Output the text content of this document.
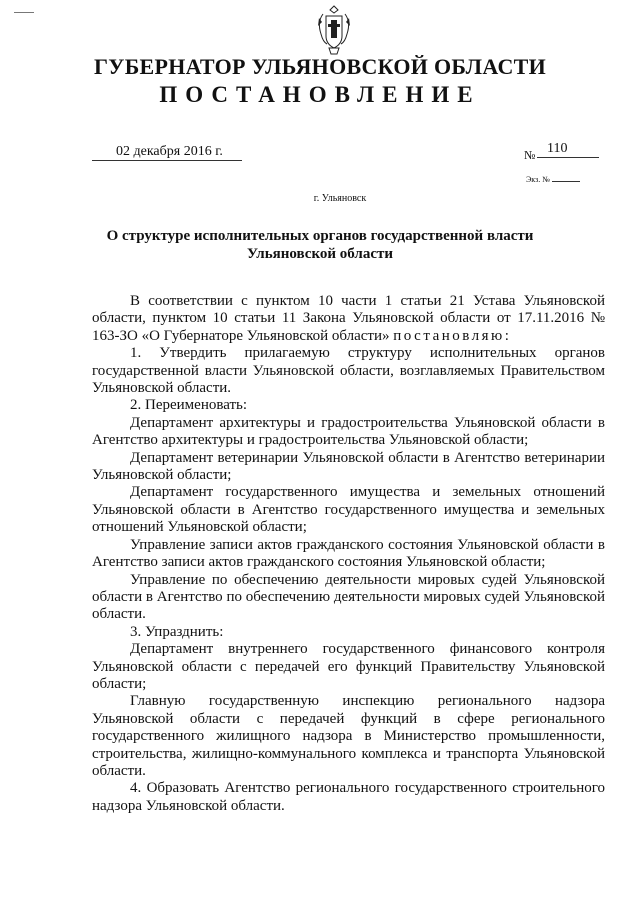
ГУБЕРНАТОР УЛЬЯНОВСКОЙ ОБЛАСТИ
ПОСТАНОВЛЕНИЕ
02 декабря 2016 г.	№ 110
Экз. №
г. Ульяновск
О структуре исполнительных органов государственной власти Ульяновской области

В соответствии с пунктом 10 части 1 статьи 21 Устава Ульяновской области, пунктом 10 статьи 11 Закона Ульяновской области от 17.11.2016 № 163-ЗО «О Губернаторе Ульяновской области» постановляю:

1. Утвердить прилагаемую структуру исполнительных органов государственной власти Ульяновской области, возглавляемых Правительством Ульяновской области.

2. Переименовать:

Департамент архитектуры и градостроительства Ульяновской области в Агентство архитектуры и градостроительства Ульяновской области;

Департамент ветеринарии Ульяновской области в Агентство ветеринарии Ульяновской области;

Департамент государственного имущества и земельных отношений Ульяновской области в Агентство государственного имущества и земельных отношений Ульяновской области;

Управление записи актов гражданского состояния Ульяновской области в Агентство записи актов гражданского состояния Ульяновской области;

Управление по обеспечению деятельности мировых судей Ульяновской области в Агентство по обеспечению деятельности мировых судей Ульяновской области.

3. Упразднить:

Департамент внутреннего государственного финансового контроля Ульяновской области с передачей его функций Правительству Ульяновской области;

Главную государственную инспекцию регионального надзора Ульяновской области с передачей функций в сфере регионального государственного жилищного надзора в Министерство промышленности, строительства, жилищно-коммунального комплекса и транспорта Ульяновской области.

4. Образовать Агентство регионального государственного строительного надзора Ульяновской области.
